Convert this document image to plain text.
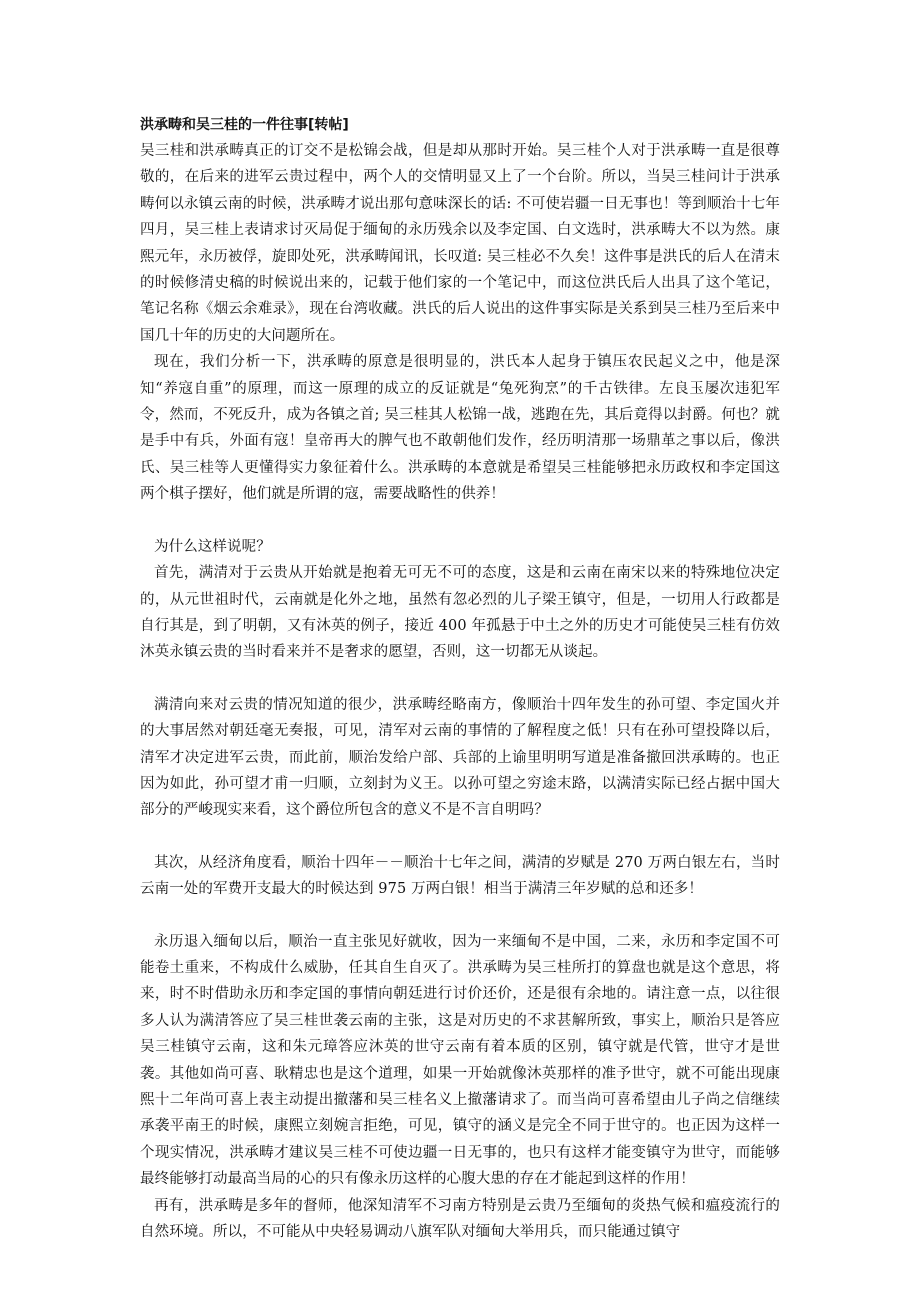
洪承畴和吴三桂的一件往事[转帖]

吴三桂和洪承畴真正的订交不是松锦会战，但是却从那时开始。吴三桂个人对于洪承畴一直是很尊敬的，在后来的进军云贵过程中，两个人的交情明显又上了一个台阶。所以，当吴三桂问计于洪承畴何以永镇云南的时候，洪承畴才说出那句意味深长的话: 不可使岩疆一日无事也！等到顺治十七年四月，吴三桂上表请求讨灭局促于缅甸的永历残余以及李定国、白文选时，洪承畴大不以为然。康熙元年，永历被俘，旋即处死，洪承畴闻讯，长叹道: 吴三桂必不久矣！这件事是洪氏的后人在清末的时候修清史稿的时候说出来的，记载于他们家的一个笔记中，而这位洪氏后人出具了这个笔记，笔记名称《烟云余难录》，现在台湾收藏。洪氏的后人说出的这件事实际是关系到吴三桂乃至后来中国几十年的历史的大问题所在。

现在，我们分析一下，洪承畴的原意是很明显的，洪氏本人起身于镇压农民起义之中，他是深知“养寇自重”的原理，而这一原理的成立的反证就是“兔死狗烹”的千古铁律。左良玉屡次违犯军令，然而，不死反升，成为各镇之首; 吴三桂其人松锦一战，逃跑在先，其后竟得以封爵。何也？就是手中有兵，外面有寇！皇帝再大的脾气也不敢朝他们发作，经历明清那一场鼎革之事以后，像洪氏、吴三桂等人更懂得实力象征着什么。洪承畴的本意就是希望吴三桂能够把永历政权和李定国这两个棋子摆好，他们就是所谓的寇，需要战略性的供养！

为什么这样说呢？

首先，满清对于云贵从开始就是抱着无可无不可的态度，这是和云南在南宋以来的特殊地位决定的，从元世祖时代，云南就是化外之地，虽然有忽必烈的儿子梁王镇守，但是，一切用人行政都是自行其是，到了明朝，又有沐英的例子，接近 400 年孤悬于中土之外的历史才可能使吴三桂有仿效沐英永镇云贵的当时看来并不是奢求的愿望，否则，这一切都无从谈起。

满清向来对云贵的情况知道的很少，洪承畴经略南方，像顺治十四年发生的孙可望、李定国火并的大事居然对朝廷毫无奏报，可见，清军对云南的事情的了解程度之低！只有在孙可望投降以后，清军才决定进军云贵，而此前，顺治发给户部、兵部的上谕里明明写道是准备撤回洪承畴的。也正因为如此，孙可望才甫一归顺，立刻封为义王。以孙可望之穷途末路，以满清实际已经占据中国大部分的严峻现实来看，这个爵位所包含的意义不是不言自明吗？

其次，从经济角度看，顺治十四年－－顺治十七年之间，满清的岁赋是 270 万两白银左右，当时云南一处的军费开支最大的时候达到 975 万两白银！相当于满清三年岁赋的总和还多！

永历退入缅甸以后，顺治一直主张见好就收，因为一来缅甸不是中国，二来，永历和李定国不可能卷土重来，不构成什么威胁，任其自生自灭了。洪承畴为吴三桂所打的算盘也就是这个意思，将来，时不时借助永历和李定国的事情向朝廷进行讨价还价，还是很有余地的。请注意一点，以往很多人认为满清答应了吴三桂世袭云南的主张，这是对历史的不求甚解所致，事实上，顺治只是答应吴三桂镇守云南，这和朱元璋答应沐英的世守云南有着本质的区别，镇守就是代管，世守才是世袭。其他如尚可喜、耿精忠也是这个道理，如果一开始就像沐英那样的准予世守，就不可能出现康熙十二年尚可喜上表主动提出撤藩和吴三桂名义上撤藩请求了。而当尚可喜希望由儿子尚之信继续承袭平南王的时候，康熙立刻婉言拒绝，可见，镇守的涵义是完全不同于世守的。也正因为这样一个现实情况，洪承畴才建议吴三桂不可使边疆一日无事的，也只有这样才能变镇守为世守，而能够最终能够打动最高当局的心的只有像永历这样的心腹大患的存在才能起到这样的作用！

再有，洪承畴是多年的督师，他深知清军不习南方特别是云贵乃至缅甸的炎热气候和瘟疫流行的自然环境。所以，不可能从中央轻易调动八旗军队对缅甸大举用兵，而只能通过镇守
